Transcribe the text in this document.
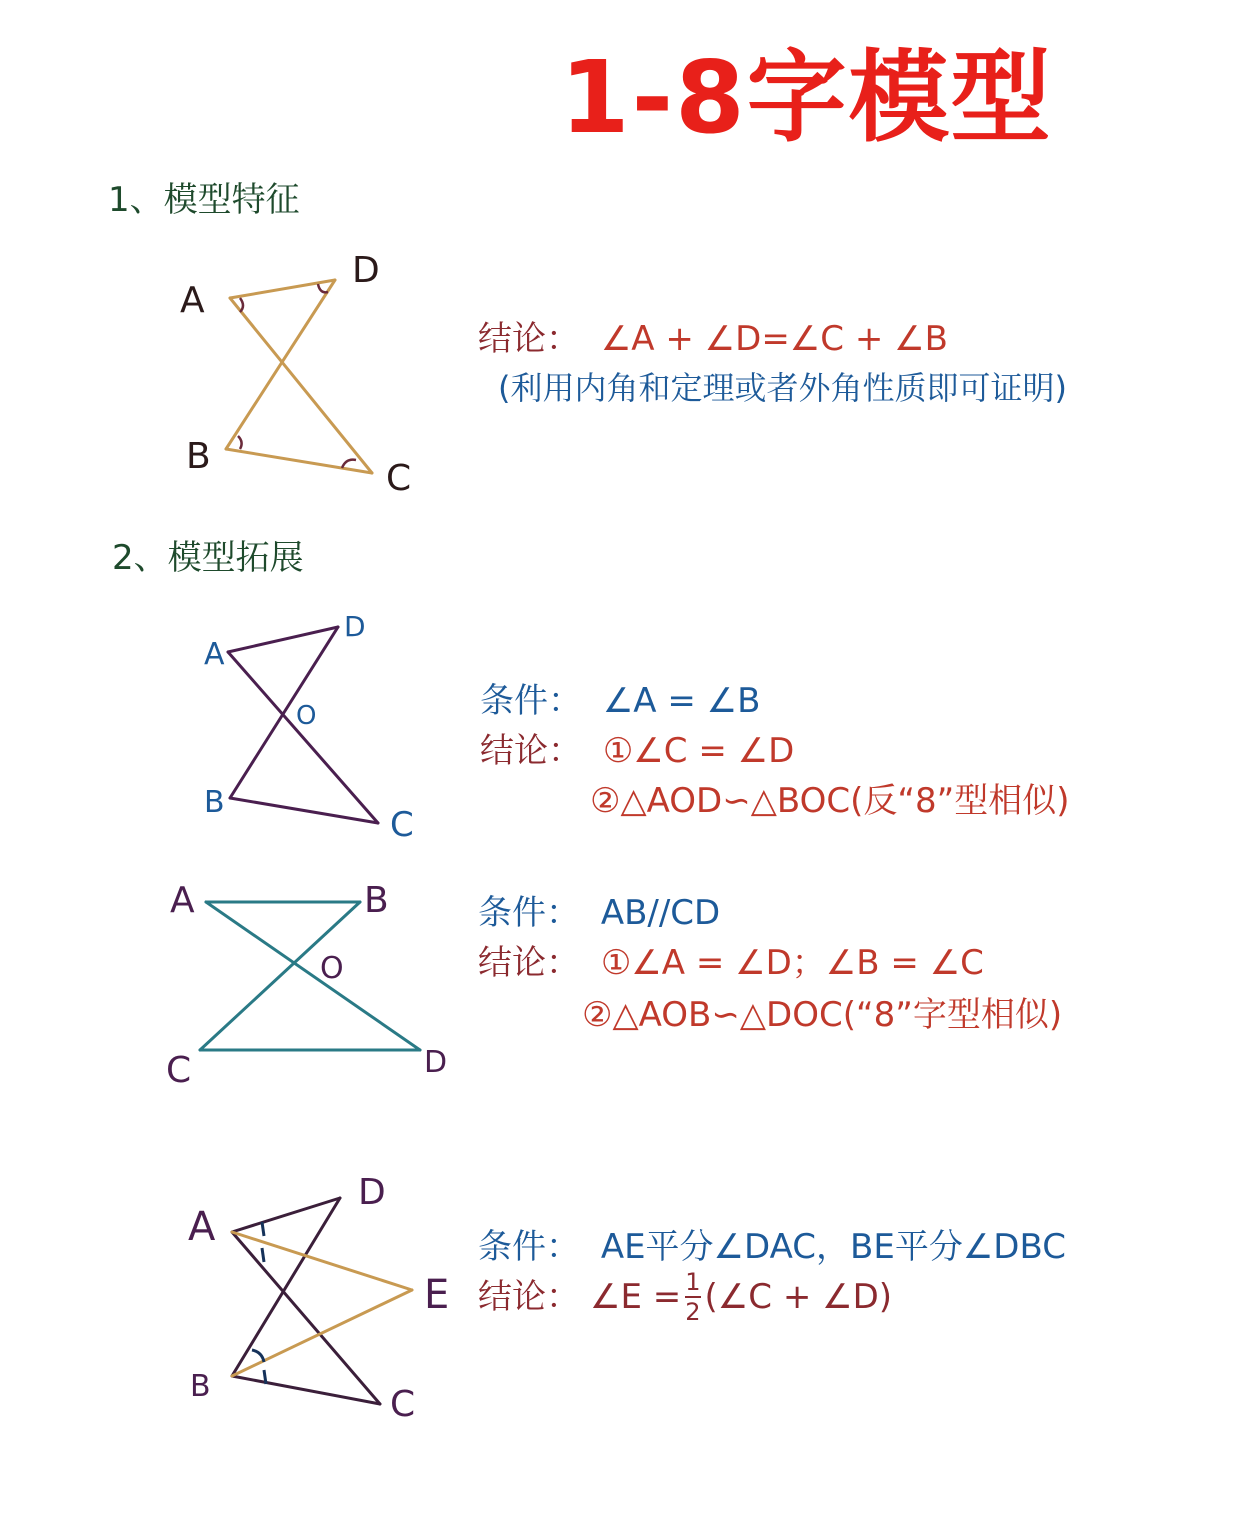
1-8字模型
1、模型特征
A
D
B
C
结论： ∠A + ∠D=∠C + ∠B
(利用内角和定理或者外角性质即可证明)
2、模型拓展
A
D
O
B
C
条件： ∠A = ∠B
结论： ①∠C = ∠D
②△AOD∽△BOC(反“8”型相似)
A	B
O
C	D
条件： AB//CD
结论： ①∠A = ∠D；∠B = ∠C
②△AOB∽△DOC(“8”字型相似)
A
D
E
B	C
条件： AE平分∠DAC，BE平分∠DBC
结论： ∠E = $\frac{1}{2}$ (∠C + ∠D)
